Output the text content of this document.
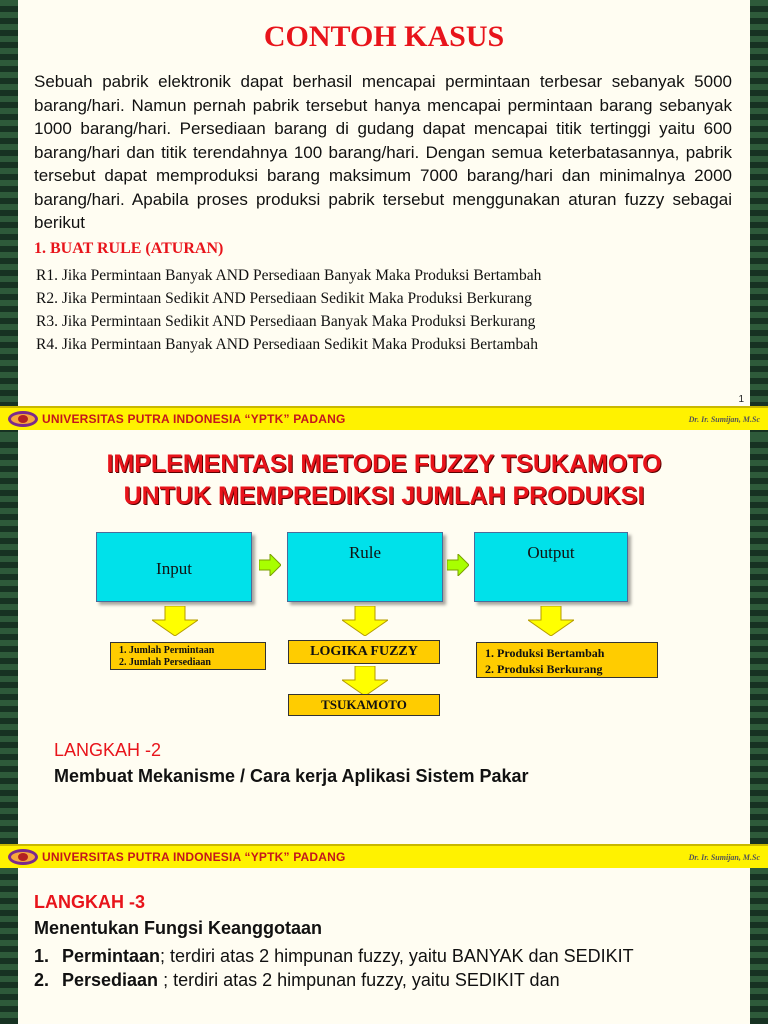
CONTOH KASUS

Sebuah pabrik elektronik dapat berhasil mencapai permintaan terbesar sebanyak 5000 barang/hari. Namun pernah pabrik tersebut hanya mencapai permintaan barang sebanyak 1000 barang/hari. Persediaan barang di gudang dapat mencapai titik tertinggi yaitu 600 barang/hari dan titik terendahnya 100 barang/hari. Dengan semua keterbatasannya, pabrik tersebut dapat memproduksi barang maksimum 7000 barang/hari dan minimalnya 2000 barang/hari. Apabila proses produksi pabrik tersebut menggunakan aturan fuzzy sebagai berikut

1. BUAT RULE (ATURAN)
R1. Jika Permintaan Banyak AND Persediaan Banyak Maka Produksi Bertambah
R2. Jika Permintaan Sedikit AND Persediaan Sedikit Maka Produksi Berkurang
R3. Jika Permintaan Sedikit AND Persediaan Banyak Maka Produksi Berkurang
R4. Jika Permintaan Banyak AND Persediaan Sedikit Maka Produksi Bertambah
1
UNIVERSITAS PUTRA INDONESIA “YPTK” PADANG	Dr. Ir. Sumijan, M.Sc
IMPLEMENTASI METODE FUZZY TSUKAMOTO
UNTUK MEMPREDIKSI JUMLAH PRODUKSI
Input
Rule	Output
1. Jumlah Permintaan
2. Jumlah Persediaan
LOGIKA FUZZY
TSUKAMOTO
1. Produksi Bertambah
2. Produksi Berkurang
LANGKAH -2
Membuat Mekanisme / Cara kerja Aplikasi Sistem Pakar
UNIVERSITAS PUTRA INDONESIA “YPTK” PADANG	Dr. Ir. Sumijan, M.Sc
LANGKAH -3
Menentukan Fungsi Keanggotaan
1. Permintaan; terdiri atas 2 himpunan fuzzy, yaitu BANYAK dan SEDIKIT
2. Persediaan ; terdiri atas 2 himpunan fuzzy, yaitu SEDIKIT dan
